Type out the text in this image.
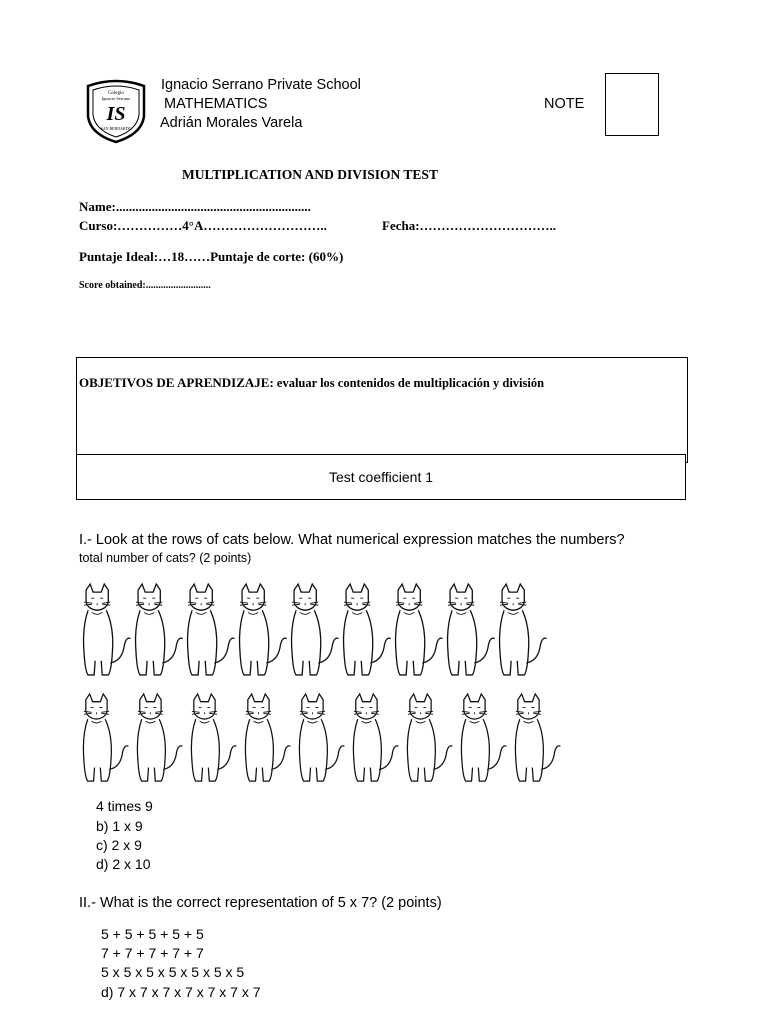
Colegio
Ignacio Serrano
IS
SAN BERNARDO
Ignacio Serrano Private School
MATHEMATICS
Adrián Morales Varela
NOTE
MULTIPLICATION AND DIVISION TEST
Name:............................................................
Curso:……………4°A………………………..	Fecha:…………………………..
Puntaje Ideal:…18……Puntaje de corte: (60%)
Score obtained:..........................
OBJETIVOS DE APRENDIZAJE: evaluar los contenidos de multiplicación y división
Test coefficient 1
I.- Look at the rows of cats below. What numerical expression matches the numbers?
total number of cats? (2 points)
4 times 9
b) 1 x 9
c) 2 x 9
d) 2 x 10
II.- What is the correct representation of 5 x 7? (2 points)
5 + 5 + 5 + 5 + 5
7 + 7 + 7 + 7 + 7
5 x 5 x 5 x 5 x 5 x 5 x 5
d) 7 x 7 x 7 x 7 x 7 x 7 x 7
